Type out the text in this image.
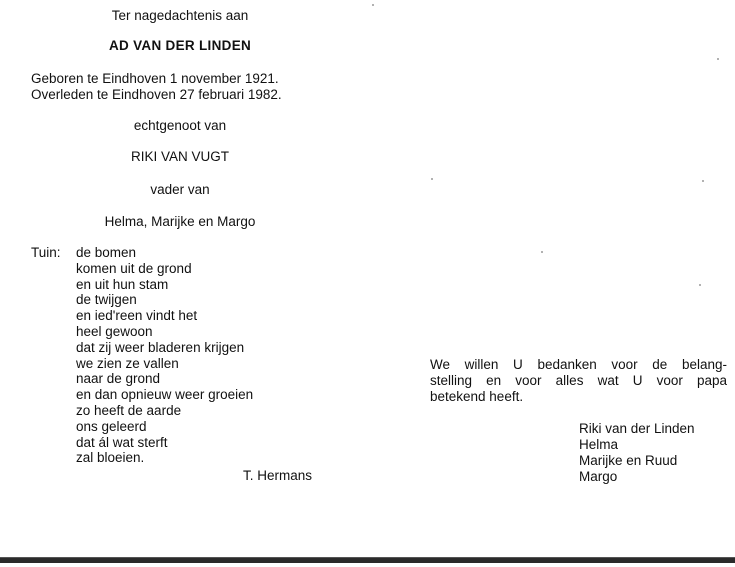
Ter nagedachtenis aan
AD VAN DER LINDEN
Geboren te Eindhoven 1 november 1921.
Overleden te Eindhoven 27 februari 1982.
echtgenoot van
RIKI VAN VUGT
vader van
Helma, Marijke en Margo
Tuin: de bomen
komen uit de grond
en uit hun stam
de twijgen
en ied'reen vindt het
heel gewoon
dat zij weer bladeren krijgen
we zien ze vallen
naar de grond
en dan opnieuw weer groeien
zo heeft de aarde
ons geleerd
dat ál wat sterft
zal bloeien.
T. Hermans
We willen U bedanken voor de belang-
stelling en voor alles wat U voor papa
betekend heeft.
Riki van der Linden
Helma
Marijke en Ruud
Margo
